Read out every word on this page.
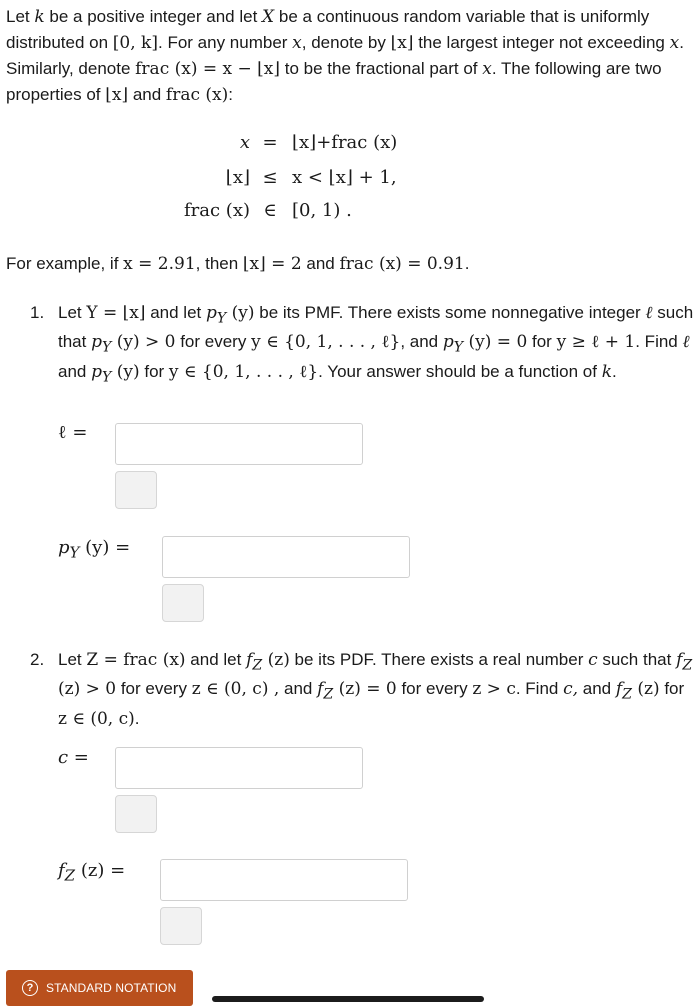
Let k be a positive integer and let X be a continuous random variable that is uniformly distributed on [0, k]. For any number x, denote by ⌊x⌋ the largest integer not exceeding x. Similarly, denote frac (x) = x − ⌊x⌋ to be the fractional part of x. The following are two properties of ⌊x⌋ and frac (x):
x = ⌊x⌋+frac (x)
⌊x⌋ ≤ x < ⌊x⌋ + 1,
frac (x) ∈ [0, 1) .
For example, if x = 2.91, then ⌊x⌋ = 2 and frac (x) = 0.91.
1. Let Y = ⌊x⌋ and let $p_Y$ (y) be its PMF. There exists some nonnegative integer ℓ such that $p_Y$ (y) > 0 for every y ∈ {0, 1, . . . , ℓ}, and $p_Y$ (y) = 0 for y ≥ ℓ + 1. Find ℓ and $p_Y$ (y) for y ∈ {0, 1, . . . , ℓ}. Your answer should be a function of k.
ℓ =
$p_Y$ (y) =
2. Let Z = frac (x) and let $f_Z$ (z) be its PDF. There exists a real number c such that $f_Z$ (z) > 0 for every z ∈ (0, c) , and $f_Z$ (z) = 0 for every z > c. Find c, and $f_Z$ (z) for z ∈ (0, c).
c =
$f_Z$ (z) =
?	STANDARD NOTATION
